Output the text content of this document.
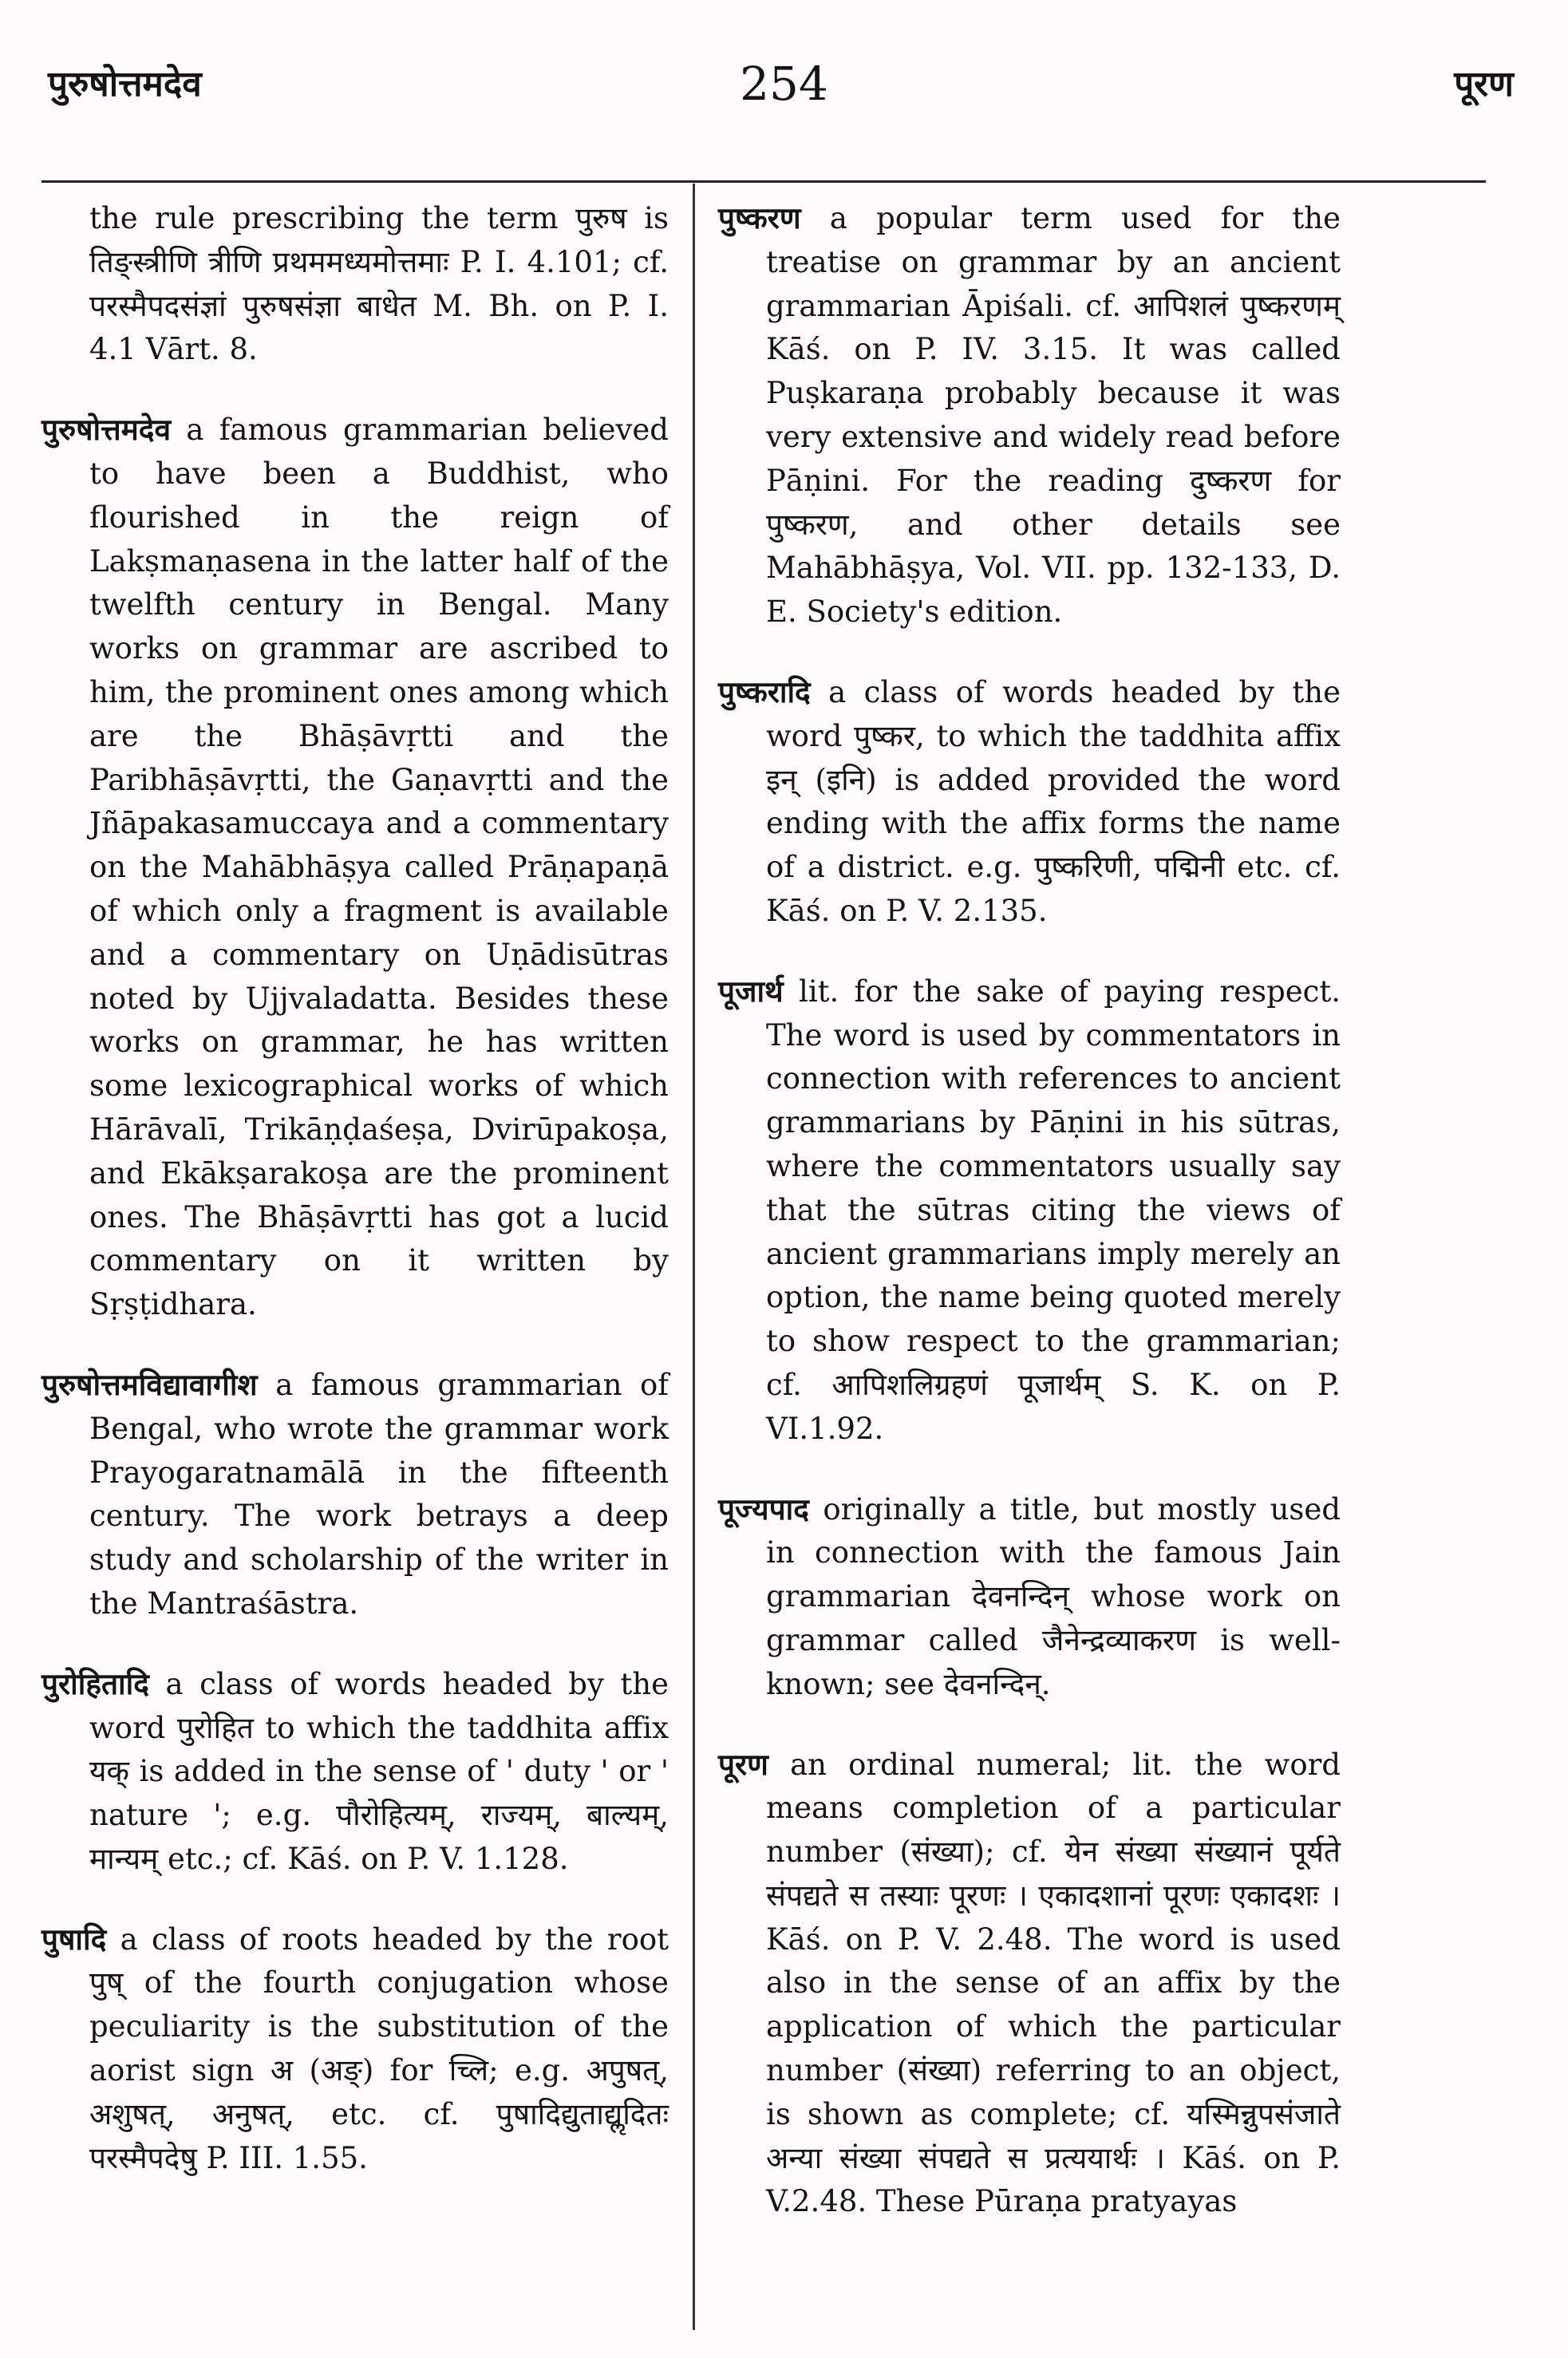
पुरुषोत्तमदेव	254	पूरण

the rule prescribing the term पुरुष is तिङ्स्त्रीणि त्रीणि प्रथममध्यमोत्तमाः P. I. 4.101; cf. परस्मैपदसंज्ञां पुरुषसंज्ञा बाधेत M. Bh. on P. I. 4.1 Vārt. 8.

पुरुषोत्तमदेव a famous grammarian believed to have been a Buddhist, who flourished in the reign of Lakṣmaṇasena in the latter half of the twelfth century in Bengal. Many works on grammar are ascribed to him, the prominent ones among which are the Bhāṣāvṛtti and the Paribhāṣāvṛtti, the Gaṇavṛtti and the Jñāpakasamuccaya and a commentary on the Mahābhāṣya called Prāṇapaṇā of which only a fragment is available and a commentary on Uṇādisūtras noted by Ujjvaladatta. Besides these works on grammar, he has written some lexicographical works of which Hārāvalī, Trikāṇḍaśeṣa, Dvirūpakoṣa, and Ekākṣarakoṣa are the prominent ones. The Bhāṣāvṛtti has got a lucid commentary on it written by Sṛṣṭidhara.

पुरुषोत्तमविद्यावागीश a famous grammarian of Bengal, who wrote the grammar work Prayogaratnamālā in the fifteenth century. The work betrays a deep study and scholarship of the writer in the Mantraśāstra.

पुरोहितादि a class of words headed by the word पुरोहित to which the taddhita affix यक् is added in the sense of ' duty ' or ' nature '; e.g. पौरोहित्यम्, राज्यम्, बाल्यम्, मान्यम् etc.; cf. Kāś. on P. V. 1.128.

पुषादि a class of roots headed by the root पुष् of the fourth conjugation whose peculiarity is the substitution of the aorist sign अ (अङ्) for च्लि; e.g. अपुषत्, अशुषत्, अनुषत्, etc. cf. पुषादिद्युताद्यॢदितः परस्मैपदेषु P. III. 1.55.

पुष्करण a popular term used for the treatise on grammar by an ancient grammarian Āpiśali. cf. आपिशलं पुष्करणम् Kāś. on P. IV. 3.15. It was called Puṣkaraṇa probably because it was very extensive and widely read before Pāṇini. For the reading दुष्करण for पुष्करण, and other details see Mahābhāṣya, Vol. VII. pp. 132-133, D. E. Society's edition.

पुष्करादि a class of words headed by the word पुष्कर, to which the taddhita affix इन् (इनि) is added provided the word ending with the affix forms the name of a district. e.g. पुष्करिणी, पद्मिनी etc. cf. Kāś. on P. V. 2.135.

पूजार्थ lit. for the sake of paying respect. The word is used by commentators in connection with references to ancient grammarians by Pāṇini in his sūtras, where the commentators usually say that the sūtras citing the views of ancient grammarians imply merely an option, the name being quoted merely to show respect to the grammarian; cf. आपिशलिग्रहणं पूजार्थम् S. K. on P. VI.1.92.

पूज्यपाद originally a title, but mostly used in connection with the famous Jain grammarian देवनन्दिन् whose work on grammar called जैनेन्द्रव्याकरण is well-known; see देवनन्दिन्.

पूरण an ordinal numeral; lit. the word means completion of a particular number (संख्या); cf. येन संख्या संख्यानं पूर्यते संपद्यते स तस्याः पूरणः । एकादशानां पूरणः एकादशः । Kāś. on P. V. 2.48. The word is used also in the sense of an affix by the application of which the particular number (संख्या) referring to an object, is shown as complete; cf. यस्मिन्नुपसंजाते अन्या संख्या संपद्यते स प्रत्ययार्थः । Kāś. on P. V.2.48. These Pūraṇa pratyayas
